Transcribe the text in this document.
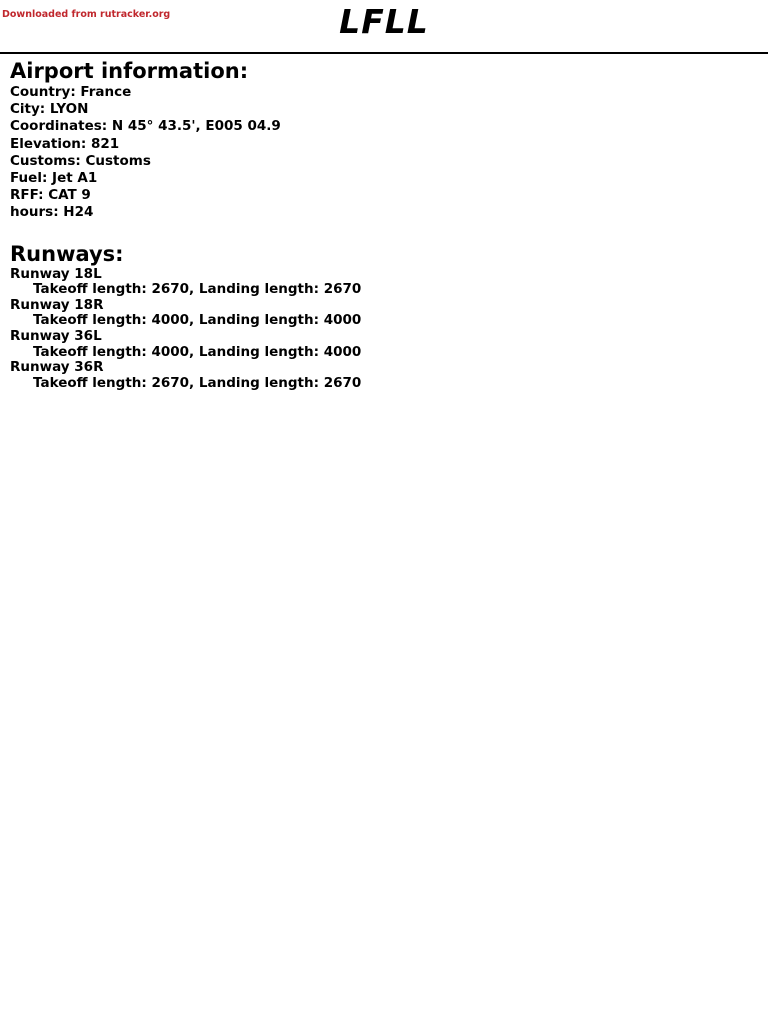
Downloaded from rutracker.org	LFLL
Airport information:
Country: France
City: LYON
Coordinates: N 45° 43.5', E005 04.9
Elevation: 821
Customs: Customs
Fuel: Jet A1
RFF: CAT 9
hours: H24
Runways:
Runway 18L
Takeoff length: 2670, Landing length: 2670
Runway 18R
Takeoff length: 4000, Landing length: 4000
Runway 36L
Takeoff length: 4000, Landing length: 4000
Runway 36R
Takeoff length: 2670, Landing length: 2670
